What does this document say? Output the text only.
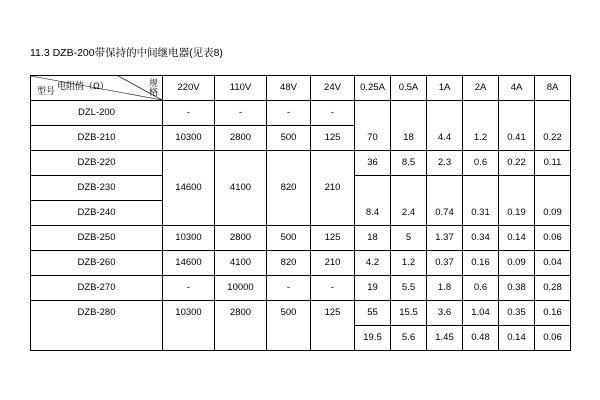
11.3 DZB-200带保持的中间继电器(见表8)
电阻值（Ω） 规格
型号	220V	110V	48V	24V	0.25A	0.5A	1A	2A	4A	8A
DZL-200	-	-	-	-						
DZB-210	10300	2800	500	125	70	18	4.4	1.2	0.41	0.22
DZB-220					36	8.5	2.3	0.6	0.22	0.11
DZB-230	14600	4100	820	210						
DZB-240					8.4	2.4	0.74	0.31	0.19	0.09
DZB-250	10300	2800	500	125	18	5	1.37	0.34	0.14	0.06
DZB-260	14600	4100	820	210	4.2	1.2	0.37	0.16	0.09	0.04
DZB-270	-	10000	-	-	19	5.5	1.8	0.6	0.38	0.28
DZB-280	10300	2800	500	125	55	15.5	3.6	1.04	0.35	0.16
					19.5	5.6	1.45	0.48	0.14	0.06
